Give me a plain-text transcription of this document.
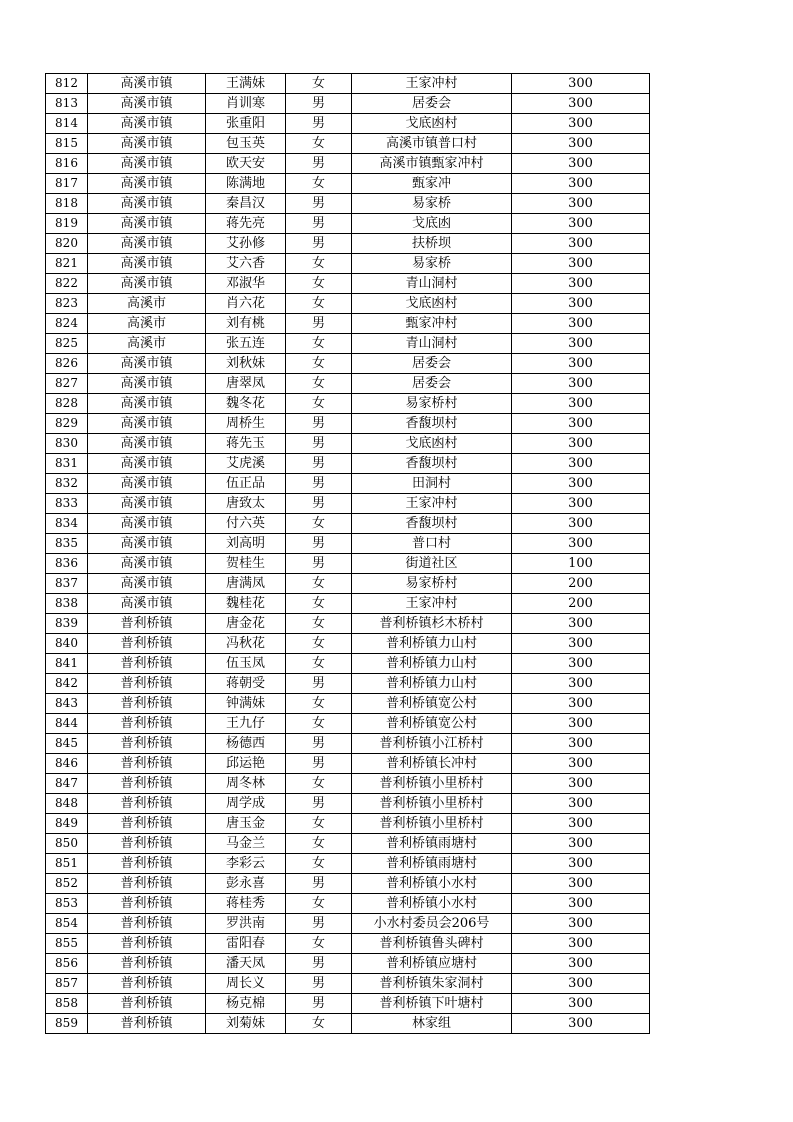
812	高溪市镇	王满妹	女	王家冲村	300
813	高溪市镇	肖训寒	男	居委会	300
814	高溪市镇	张重阳	男	戈底凼村	300
815	高溪市镇	包玉英	女	高溪市镇普口村	300
816	高溪市镇	欧天安	男	高溪市镇甄家冲村	300
817	高溪市镇	陈满地	女	甄家冲	300
818	高溪市镇	秦昌汉	男	易家桥	300
819	高溪市镇	蒋先亮	男	戈底凼	300
820	高溪市镇	艾孙修	男	扶桥坝	300
821	高溪市镇	艾六香	女	易家桥	300
822	高溪市镇	邓淑华	女	青山洞村	300
823	高溪市	肖六花	女	戈底凼村	300
824	高溪市	刘有桃	男	甄家冲村	300
825	高溪市	张五连	女	青山洞村	300
826	高溪市镇	刘秋妹	女	居委会	300
827	高溪市镇	唐翠凤	女	居委会	300
828	高溪市镇	魏冬花	女	易家桥村	300
829	高溪市镇	周桥生	男	香馥坝村	300
830	高溪市镇	蒋先玉	男	戈底凼村	300
831	高溪市镇	艾虎溪	男	香馥坝村	300
832	高溪市镇	伍正品	男	田洞村	300
833	高溪市镇	唐致太	男	王家冲村	300
834	高溪市镇	付六英	女	香馥坝村	300
835	高溪市镇	刘高明	男	普口村	300
836	高溪市镇	贺桂生	男	街道社区	100
837	高溪市镇	唐满凤	女	易家桥村	200
838	高溪市镇	魏桂花	女	王家冲村	200
839	普利桥镇	唐金花	女	普利桥镇杉木桥村	300
840	普利桥镇	冯秋花	女	普利桥镇力山村	300
841	普利桥镇	伍玉凤	女	普利桥镇力山村	300
842	普利桥镇	蒋朝受	男	普利桥镇力山村	300
843	普利桥镇	钟满妹	女	普利桥镇宽公村	300
844	普利桥镇	王九仔	女	普利桥镇宽公村	300
845	普利桥镇	杨德西	男	普利桥镇小江桥村	300
846	普利桥镇	邱运艳	男	普利桥镇长冲村	300
847	普利桥镇	周冬林	女	普利桥镇小里桥村	300
848	普利桥镇	周学成	男	普利桥镇小里桥村	300
849	普利桥镇	唐玉金	女	普利桥镇小里桥村	300
850	普利桥镇	马金兰	女	普利桥镇雨塘村	300
851	普利桥镇	李彩云	女	普利桥镇雨塘村	300
852	普利桥镇	彭永喜	男	普利桥镇小水村	300
853	普利桥镇	蒋桂秀	女	普利桥镇小水村	300
854	普利桥镇	罗洪南	男	小水村委员会206号	300
855	普利桥镇	雷阳春	女	普利桥镇鲁头碑村	300
856	普利桥镇	潘天凤	男	普利桥镇应塘村	300
857	普利桥镇	周长义	男	普利桥镇朱家洞村	300
858	普利桥镇	杨克棉	男	普利桥镇下叶塘村	300
859	普利桥镇	刘菊妹	女	林家组	300
